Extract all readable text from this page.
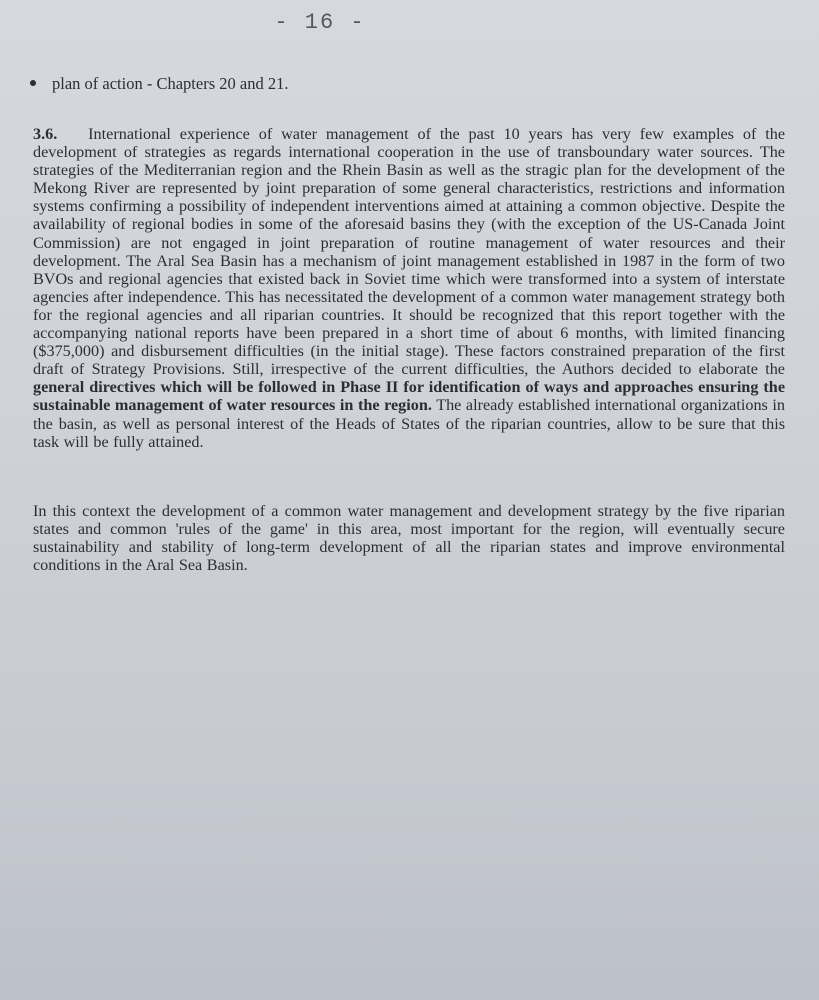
- 16 -
plan of action - Chapters 20 and 21.
3.6. International experience of water management of the past 10 years has very few examples of the development of strategies as regards international cooperation in the use of transboundary water sources. The strategies of the Mediterranian region and the Rhein Basin as well as the stragic plan for the development of the Mekong River are represented by joint preparation of some general characteristics, restrictions and information systems confirming a possibility of independent interventions aimed at attaining a common objective. Despite the availability of regional bodies in some of the aforesaid basins they (with the exception of the US-Canada Joint Commission) are not engaged in joint preparation of routine management of water resources and their development. The Aral Sea Basin has a mechanism of joint management established in 1987 in the form of two BVOs and regional agencies that existed back in Soviet time which were transformed into a system of interstate agencies after independence. This has necessitated the development of a common water management strategy both for the regional agencies and all riparian countries. It should be recognized that this report together with the accompanying national reports have been prepared in a short time of about 6 months, with limited financing ($375,000) and disbursement difficulties (in the initial stage). These factors constrained preparation of the first draft of Strategy Provisions. Still, irrespective of the current difficulties, the Authors decided to elaborate the general directives which will be followed in Phase II for identification of ways and approaches ensuring the sustainable management of water resources in the region. The already established international organizations in the basin, as well as personal interest of the Heads of States of the riparian countries, allow to be sure that this task will be fully attained.
In this context the development of a common water management and development strategy by the five riparian states and common 'rules of the game' in this area, most important for the region, will eventually secure sustainability and stability of long-term development of all the riparian states and improve environmental conditions in the Aral Sea Basin.
